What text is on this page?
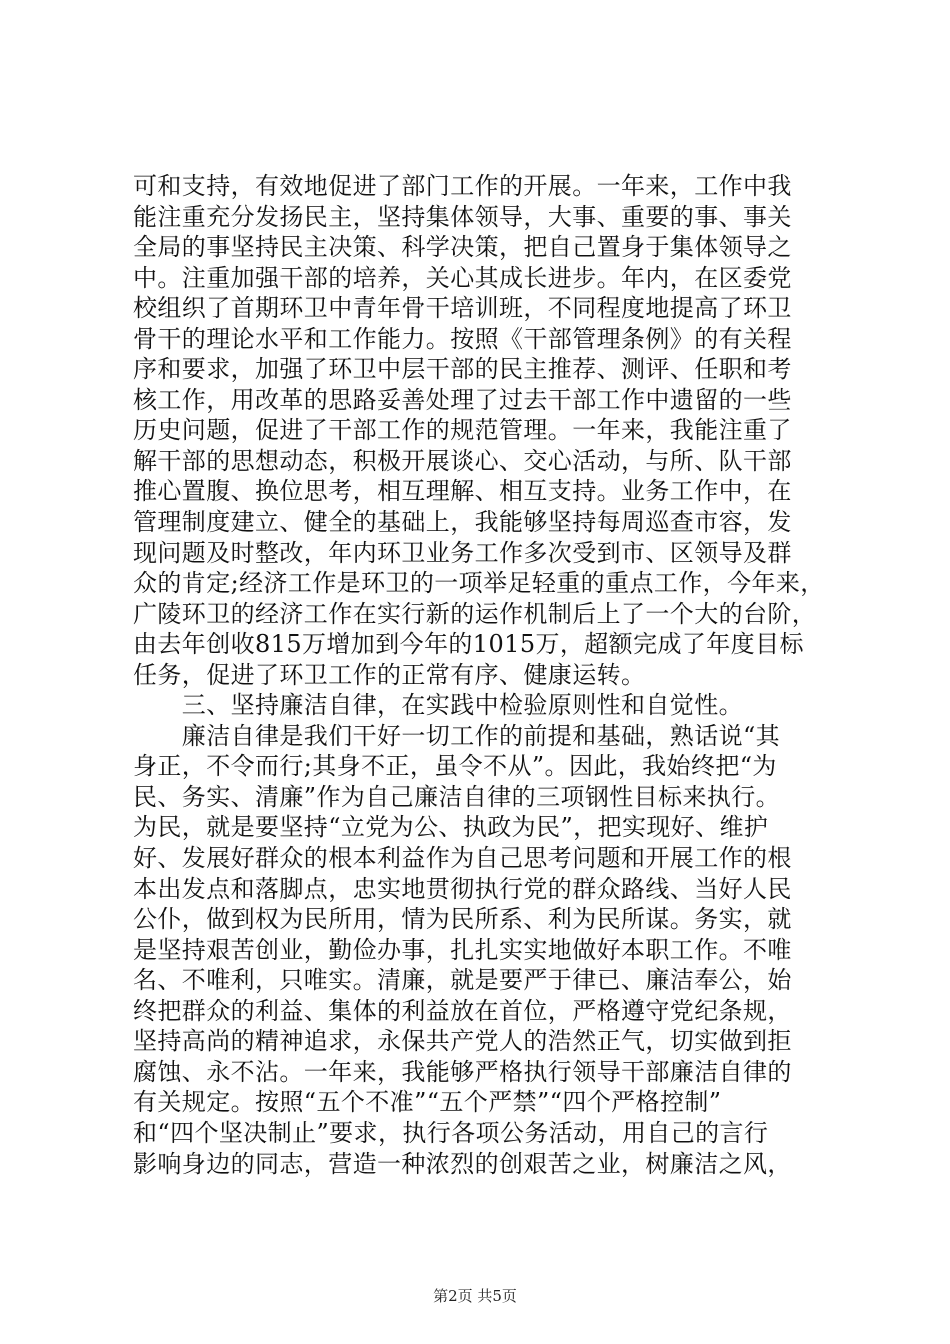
可和支持，有效地促进了部门工作的开展。一年来，工作中我
能注重充分发扬民主，坚持集体领导，大事、重要的事、事关
全局的事坚持民主决策、科学决策，把自己置身于集体领导之
中。注重加强干部的培养，关心其成长进步。年内，在区委党
校组织了首期环卫中青年骨干培训班，不同程度地提高了环卫
骨干的理论水平和工作能力。按照《干部管理条例》的有关程
序和要求，加强了环卫中层干部的民主推荐、测评、任职和考
核工作，用改革的思路妥善处理了过去干部工作中遗留的一些
历史问题，促进了干部工作的规范管理。一年来，我能注重了
解干部的思想动态，积极开展谈心、交心活动，与所、队干部
推心置腹、换位思考，相互理解、相互支持。业务工作中，在
管理制度建立、健全的基础上，我能够坚持每周巡查市容，发
现问题及时整改，年内环卫业务工作多次受到市、区领导及群
众的肯定;经济工作是环卫的一项举足轻重的重点工作，今年来，
广陵环卫的经济工作在实行新的运作机制后上了一个大的台阶，
由去年创收815万增加到今年的1015万，超额完成了年度目标
任务，促进了环卫工作的正常有序、健康运转。
　　三、坚持廉洁自律，在实践中检验原则性和自觉性。
　　廉洁自律是我们干好一切工作的前提和基础，熟话说“其
身正，不令而行;其身不正，虽令不从”。因此，我始终把“为
民、务实、清廉”作为自己廉洁自律的三项钢性目标来执行。
为民，就是要坚持“立党为公、执政为民”，把实现好、维护
好、发展好群众的根本利益作为自己思考问题和开展工作的根
本出发点和落脚点，忠实地贯彻执行党的群众路线、当好人民
公仆，做到权为民所用，情为民所系、利为民所谋。务实，就
是坚持艰苦创业，勤俭办事，扎扎实实地做好本职工作。不唯
名、不唯利，只唯实。清廉，就是要严于律已、廉洁奉公，始
终把群众的利益、集体的利益放在首位，严格遵守党纪条规，
坚持高尚的精神追求，永保共产党人的浩然正气，切实做到拒
腐蚀、永不沾。一年来，我能够严格执行领导干部廉洁自律的
有关规定。按照“五个不准”“五个严禁”“四个严格控制”
和“四个坚决制止”要求，执行各项公务活动，用自己的言行
影响身边的同志，营造一种浓烈的创艰苦之业，树廉洁之风，
第2页 共5页
